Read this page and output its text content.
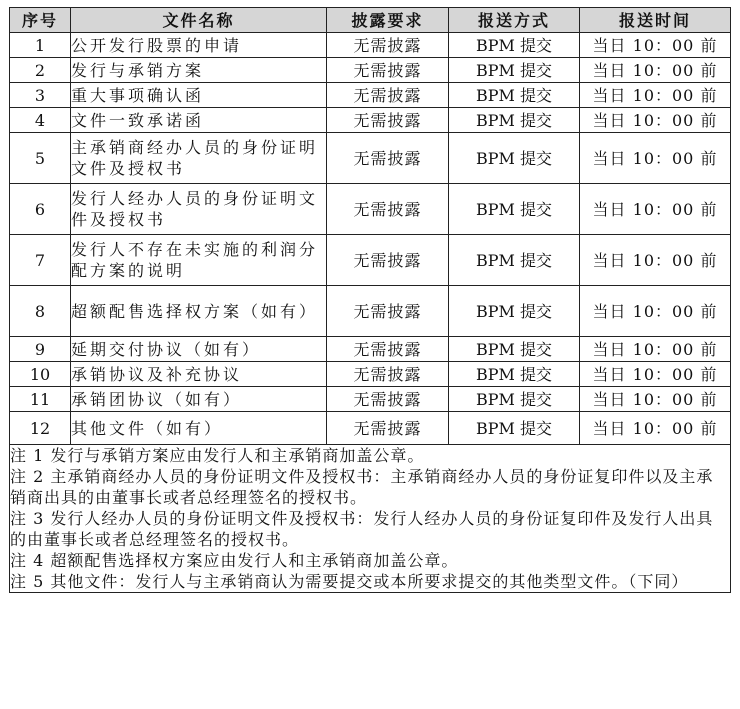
序号	文件名称	披露要求	报送方式	报送时间
1	公开发行股票的申请	无需披露	BPM 提交	当日 10：00 前
2	发行与承销方案	无需披露	BPM 提交	当日 10：00 前
3	重大事项确认函	无需披露	BPM 提交	当日 10：00 前
4	文件一致承诺函	无需披露	BPM 提交	当日 10：00 前
5	主承销商经办人员的身份证明文件及授权书	无需披露	BPM 提交	当日 10：00 前
6	发行人经办人员的身份证明文件及授权书	无需披露	BPM 提交	当日 10：00 前
7	发行人不存在未实施的利润分配方案的说明	无需披露	BPM 提交	当日 10：00 前
8	超额配售选择权方案（如有）	无需披露	BPM 提交	当日 10：00 前
9	延期交付协议（如有）	无需披露	BPM 提交	当日 10：00 前
10	承销协议及补充协议	无需披露	BPM 提交	当日 10：00 前
11	承销团协议（如有）	无需披露	BPM 提交	当日 10：00 前
12	其他文件（如有）	无需披露	BPM 提交	当日 10：00 前

注 1 发行与承销方案应由发行人和主承销商加盖公章。
注 2 主承销商经办人员的身份证明文件及授权书：主承销商经办人员的身份证复印件以及主承销商出具的由董事长或者总经理签名的授权书。
注 3 发行人经办人员的身份证明文件及授权书：发行人经办人员的身份证复印件及发行人出具的由董事长或者总经理签名的授权书。
注 4 超额配售选择权方案应由发行人和主承销商加盖公章。
注 5 其他文件：发行人与主承销商认为需要提交或本所要求提交的其他类型文件。（下同）				
